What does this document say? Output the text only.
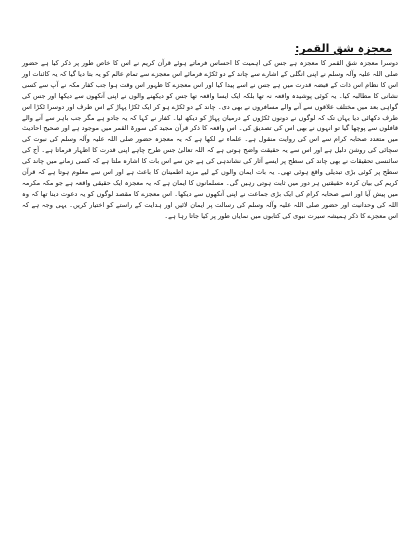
معجزہ شق القمر:

دوسرا معجزہ شق القمر کا معجزہ ہے جس کی اہمیت کا احساس فرماتے ہوئے قرآن کریم نے اس کا خاص طور پر ذکر کیا ہے حضور صلی اللہ علیہ وآلہ وسلم نے اپنی انگلی کے اشارے سے چاند کے دو ٹکڑے فرمائے اس معجزے سے تمام عالم کو یہ بتا دیا گیا کہ یہ کائنات اور اس کا نظام اس ذات کے قبضہ قدرت میں ہے جس نے اسے پیدا کیا اور اس معجزے کا ظہور اس وقت ہوا جب کفار مکہ نے آپ سے کسی نشانی کا مطالبہ کیا۔ یہ کوئی پوشیدہ واقعہ نہ تھا بلکہ ایک ایسا واقعہ تھا جس کو دیکھنے والوں نے اپنی آنکھوں سے دیکھا اور جس کی گواہی بعد میں مختلف علاقوں سے آنے والے مسافروں نے بھی دی۔ چاند کے دو ٹکڑے ہو کر ایک ٹکڑا پہاڑ کے اس طرف اور دوسرا ٹکڑا اس طرف دکھائی دیا یہاں تک کہ لوگوں نے دونوں ٹکڑوں کے درمیان پہاڑ کو دیکھ لیا۔ کفار نے کہا کہ یہ جادو ہے مگر جب باہر سے آنے والے قافلوں سے پوچھا گیا تو انہوں نے بھی اس کی تصدیق کی۔ اس واقعہ کا ذکر قرآن مجید کی سورۃ القمر میں موجود ہے اور صحیح احادیث میں متعدد صحابہ کرام سے اس کی روایت منقول ہے۔ علماء نے لکھا ہے کہ یہ معجزہ حضور صلی اللہ علیہ وآلہ وسلم کی نبوت کی سچائی کی روشن دلیل ہے اور اس سے یہ حقیقت واضح ہوتی ہے کہ اللہ تعالیٰ جس طرح چاہے اپنی قدرت کا اظہار فرماتا ہے۔ آج کی سائنسی تحقیقات نے بھی چاند کی سطح پر ایسے آثار کی نشاندہی کی ہے جن سے اس بات کا اشارہ ملتا ہے کہ کسی زمانے میں چاند کی سطح پر کوئی بڑی تبدیلی واقع ہوئی تھی۔ یہ بات ایمان والوں کے لیے مزید اطمینان کا باعث ہے اور اس سے معلوم ہوتا ہے کہ قرآن کریم کی بیان کردہ حقیقتیں ہر دور میں ثابت ہوتی رہیں گی۔ مسلمانوں کا ایمان ہے کہ یہ معجزہ ایک حقیقی واقعہ ہے جو مکہ مکرمہ میں پیش آیا اور اسے صحابہ کرام کی ایک بڑی جماعت نے اپنی آنکھوں سے دیکھا۔ اس معجزے کا مقصد لوگوں کو یہ دعوت دینا تھا کہ وہ اللہ کی وحدانیت اور حضور صلی اللہ علیہ وآلہ وسلم کی رسالت پر ایمان لائیں اور ہدایت کے راستے کو اختیار کریں۔ یہی وجہ ہے کہ اس معجزے کا ذکر ہمیشہ سیرت نبوی کی کتابوں میں نمایاں طور پر کیا جاتا رہا ہے۔
